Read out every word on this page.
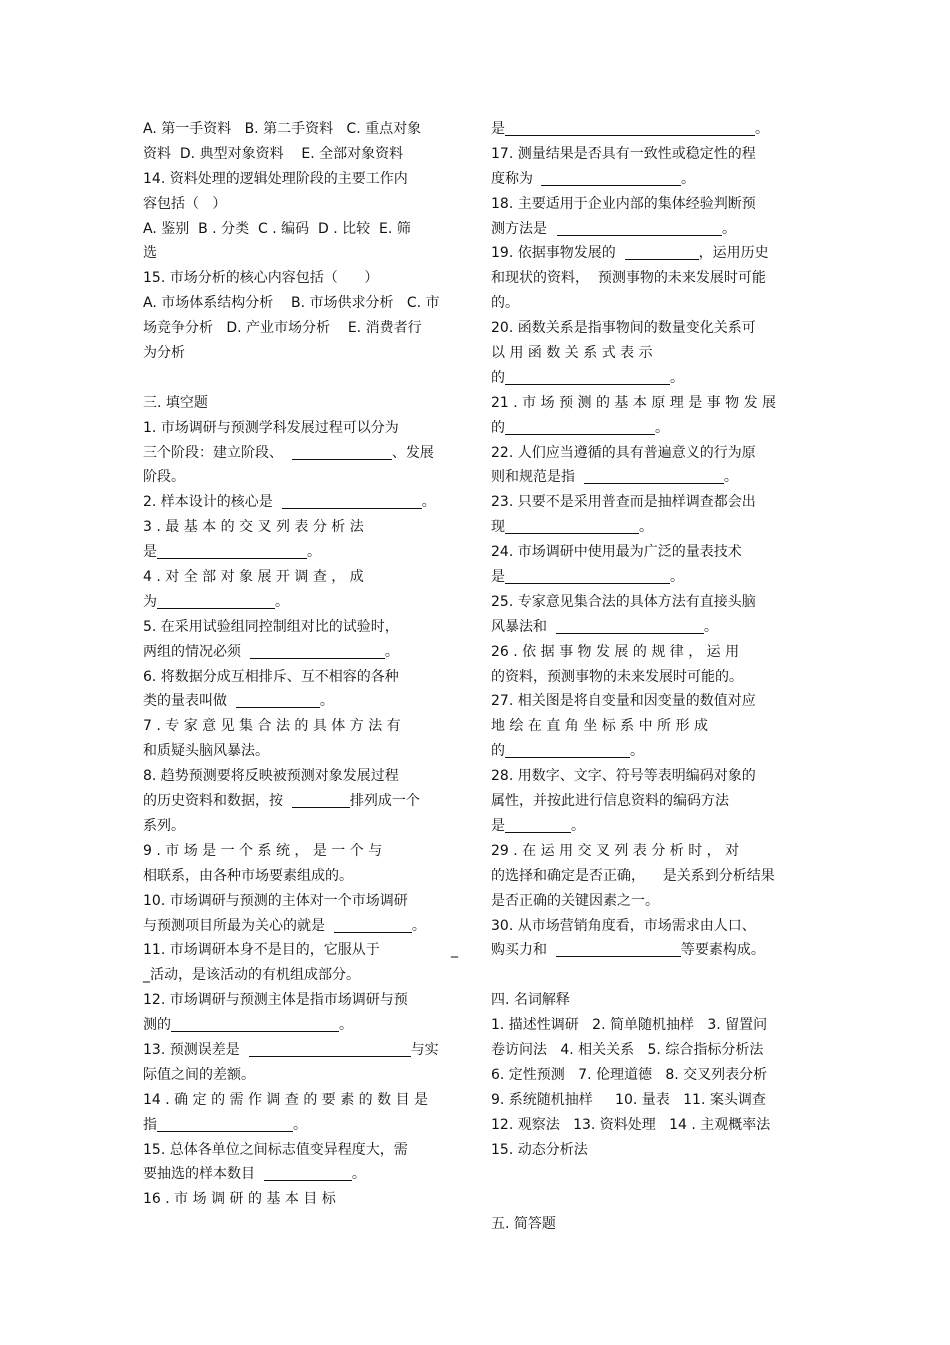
A. 第一手资料   B. 第二手资料   C. 重点对象
资料  D. 典型对象资料    E. 全部对象资料
14. 资料处理的逻辑处理阶段的主要工作内
容包括（   ）
A. 鉴别  B . 分类  C . 编码  D . 比较  E. 筛
选
15. 市场分析的核心内容包括（      ）
A. 市场体系结构分析    B. 市场供求分析   C. 市
场竞争分析   D. 产业市场分析    E. 消费者行
为分析
三. 填空题
1. 市场调研与预测学科发展过程可以分为
三个阶段：建立阶段、	、发展
阶段。
2. 样本设计的核心是	。
3 . 最 基 本 的 交 叉 列 表 分 析 法
是	。
4 . 对 全 部 对 象 展 开 调 查 ， 成
为	。
5. 在采用试验组同控制组对比的试验时，
两组的情况必须	。
6. 将数据分成互相排斥、互不相容的各种
类的量表叫做	。
7 . 专 家 意 见 集 合 法 的 具 体 方 法 有
和质疑头脑风暴法。
8. 趋势预测要将反映被预测对象发展过程
的历史资料和数据，按	排列成一个
系列。
9 . 市 场 是 一 个 系 统 ， 是 一 个 与
相联系，由各种市场要素组成的。
10. 市场调研与预测的主体对一个市场调研
与预测项目所最为关心的就是	。
11. 市场调研本身不是目的，它服从于	_
_活动，是该活动的有机组成部分。
12. 市场调研与预测主体是指市场调研与预
测的	。
13. 预测误差是	与实
际值之间的差额。
14 . 确 定 的 需 作 调 查 的 要 素 的 数 目 是
指	。
15. 总体各单位之间标志值变异程度大，需
要抽选的样本数目	。
16 . 市 场 调 研 的 基 本 目 标
是	。
17. 测量结果是否具有一致性或稳定性的程
度称为	。
18. 主要适用于企业内部的集体经验判断预
测方法是	。
19. 依据事物发展的	，运用历史
和现状的资料，  预测事物的未来发展时可能
的。
20. 函数关系是指事物间的数量变化关系可
以 用 函 数 关 系 式 表 示
的	。
21 . 市 场 预 测 的 基 本 原 理 是 事 物 发 展
的	。
22. 人们应当遵循的具有普遍意义的行为原
则和规范是指	。
23. 只要不是采用普查而是抽样调查都会出
现	。
24. 市场调研中使用最为广泛的量表技术
是	。
25. 专家意见集合法的具体方法有直接头脑
风暴法和	。
26 . 依 据 事 物 发 展 的 规 律 ， 运 用
的资料，预测事物的未来发展时可能的。
27. 相关图是将自变量和因变量的数值对应
地 绘 在 直 角 坐 标 系 中 所 形 成
的	。
28. 用数字、文字、符号等表明编码对象的
属性，并按此进行信息资料的编码方法
是	。
29 . 在 运 用 交 叉 列 表 分 析 时 ， 对
的选择和确定是否正确，    是关系到分析结果
是否正确的关键因素之一。
30. 从市场营销角度看，市场需求由人口、
购买力和	等要素构成。
四. 名词解释
1. 描述性调研   2. 简单随机抽样   3. 留置问
卷访问法   4. 相关关系   5. 综合指标分析法
6. 定性预测   7. 伦理道德   8. 交叉列表分析
9. 系统随机抽样     10. 量表   11. 案头调查
12. 观察法   13. 资料处理   14 . 主观概率法
15. 动态分析法
五. 简答题
